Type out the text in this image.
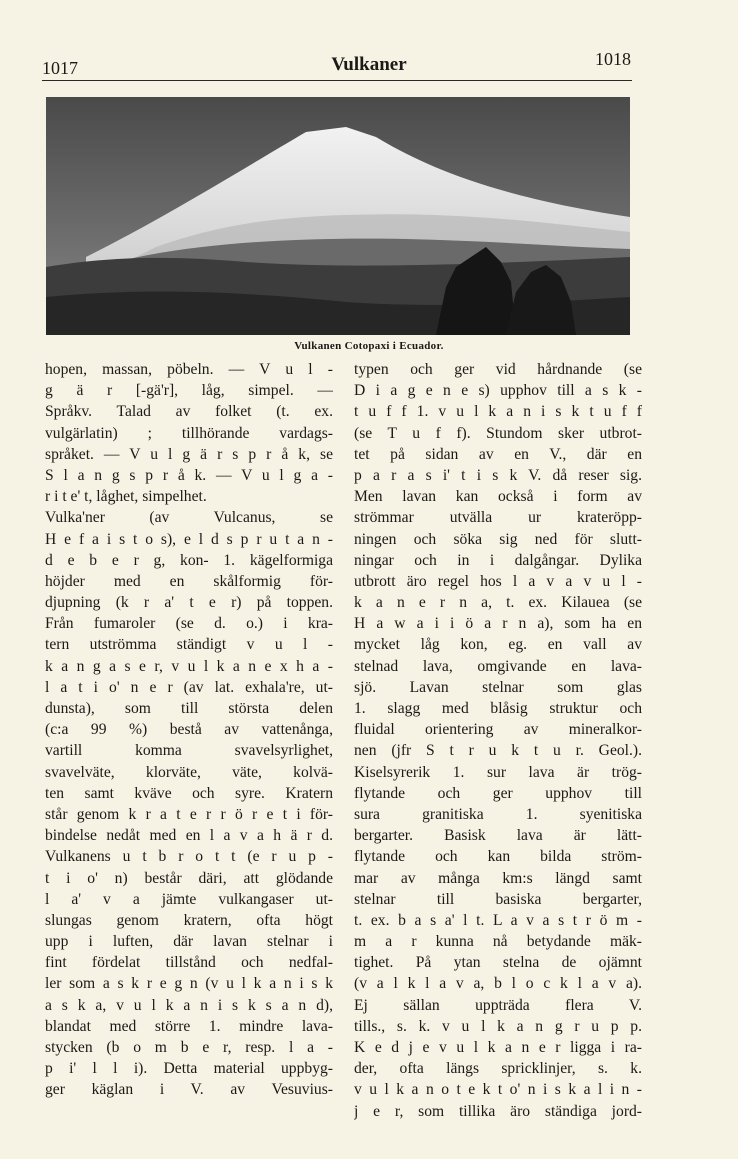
1017	Vulkaner	1018
Vulkanen Cotopaxi i Ecuador.
hopen, massan, pöbeln. — V u l -
g ä r [-gä'r], låg, simpel. —
Språkv. Talad av folket (t. ex.
vulgärlatin) ; tillhörande vardags-
språket. — V u l g ä r s p r å k, se
S l a n g s p r å k. — V u l g a -
r i t e' t, låghet, simpelhet.
Vulka'ner (av Vulcanus, se
H e f a i s t o s), e l d s p r u t a n -
d e b e r g, kon- 1. kägelformiga
höjder med en skålformig för-
djupning (k r a' t e r) på toppen.
Från fumaroler (se d. o.) i kra-
tern utströmma ständigt v u l -
k a n g a s e r, v u l k a n e x h a -
l a t i o' n e r (av lat. exhala're, ut-
dunsta), som till största delen
(c:a 99 %) bestå av vattenånga,
vartill komma svavelsyrlighet,
svavelväte, klorväte, väte, kolvä-
ten samt kväve och syre. Kratern
står genom k r a t e r r ö r e t i för-
bindelse nedåt med en l a v a h ä r d.
Vulkanens u t b r o t t (e r u p -
t i o' n) består däri, att glödande
l a' v a jämte vulkangaser ut-
slungas genom kratern, ofta högt
upp i luften, där lavan stelnar i
fint fördelat tillstånd och nedfal-
ler som a s k r e g n (v u l k a n i s k
a s k a, v u l k a n i s k s a n d),
blandat med större 1. mindre lava-
stycken (b o m b e r, resp. l a -
p i' l l i). Detta material uppbyg-
ger käglan i V. av Vesuvius-
typen och ger vid hårdnande (se
D i a g e n e s) upphov till a s k -
t u f f 1. v u l k a n i s k t u f f
(se T u f f). Stundom sker utbrot-
tet på sidan av en V., där en
p a r a s i' t i s k V. då reser sig.
Men lavan kan också i form av
strömmar utvälla ur krateröpp-
ningen och söka sig ned för slutt-
ningar och in i dalgångar. Dylika
utbrott äro regel hos l a v a v u l -
k a n e r n a, t. ex. Kilauea (se
H a w a i i ö a r n a), som ha en
mycket låg kon, eg. en vall av
stelnad lava, omgivande en lava-
sjö. Lavan stelnar som glas
1. slagg med blåsig struktur och
fluidal orientering av mineralkor-
nen (jfr S t r u k t u r. Geol.).
Kiselsyrerik 1. sur lava är trög-
flytande och ger upphov till
sura granitiska 1. syenitiska
bergarter. Basisk lava är lätt-
flytande och kan bilda ström-
mar av många km:s längd samt
stelnar till basiska bergarter,
t. ex. b a s a' l t. L a v a s t r ö m -
m a r kunna nå betydande mäk-
tighet. På ytan stelna de ojämnt
(v a l k l a v a, b l o c k l a v a).
Ej sällan uppträda flera V.
tills., s. k. v u l k a n g r u p p.
K e d j e v u l k a n e r ligga i ra-
der, ofta längs spricklinjer, s. k.
v u l k a n o t e k t o' n i s k a l i n -
j e r, som tillika äro ständiga jord-
